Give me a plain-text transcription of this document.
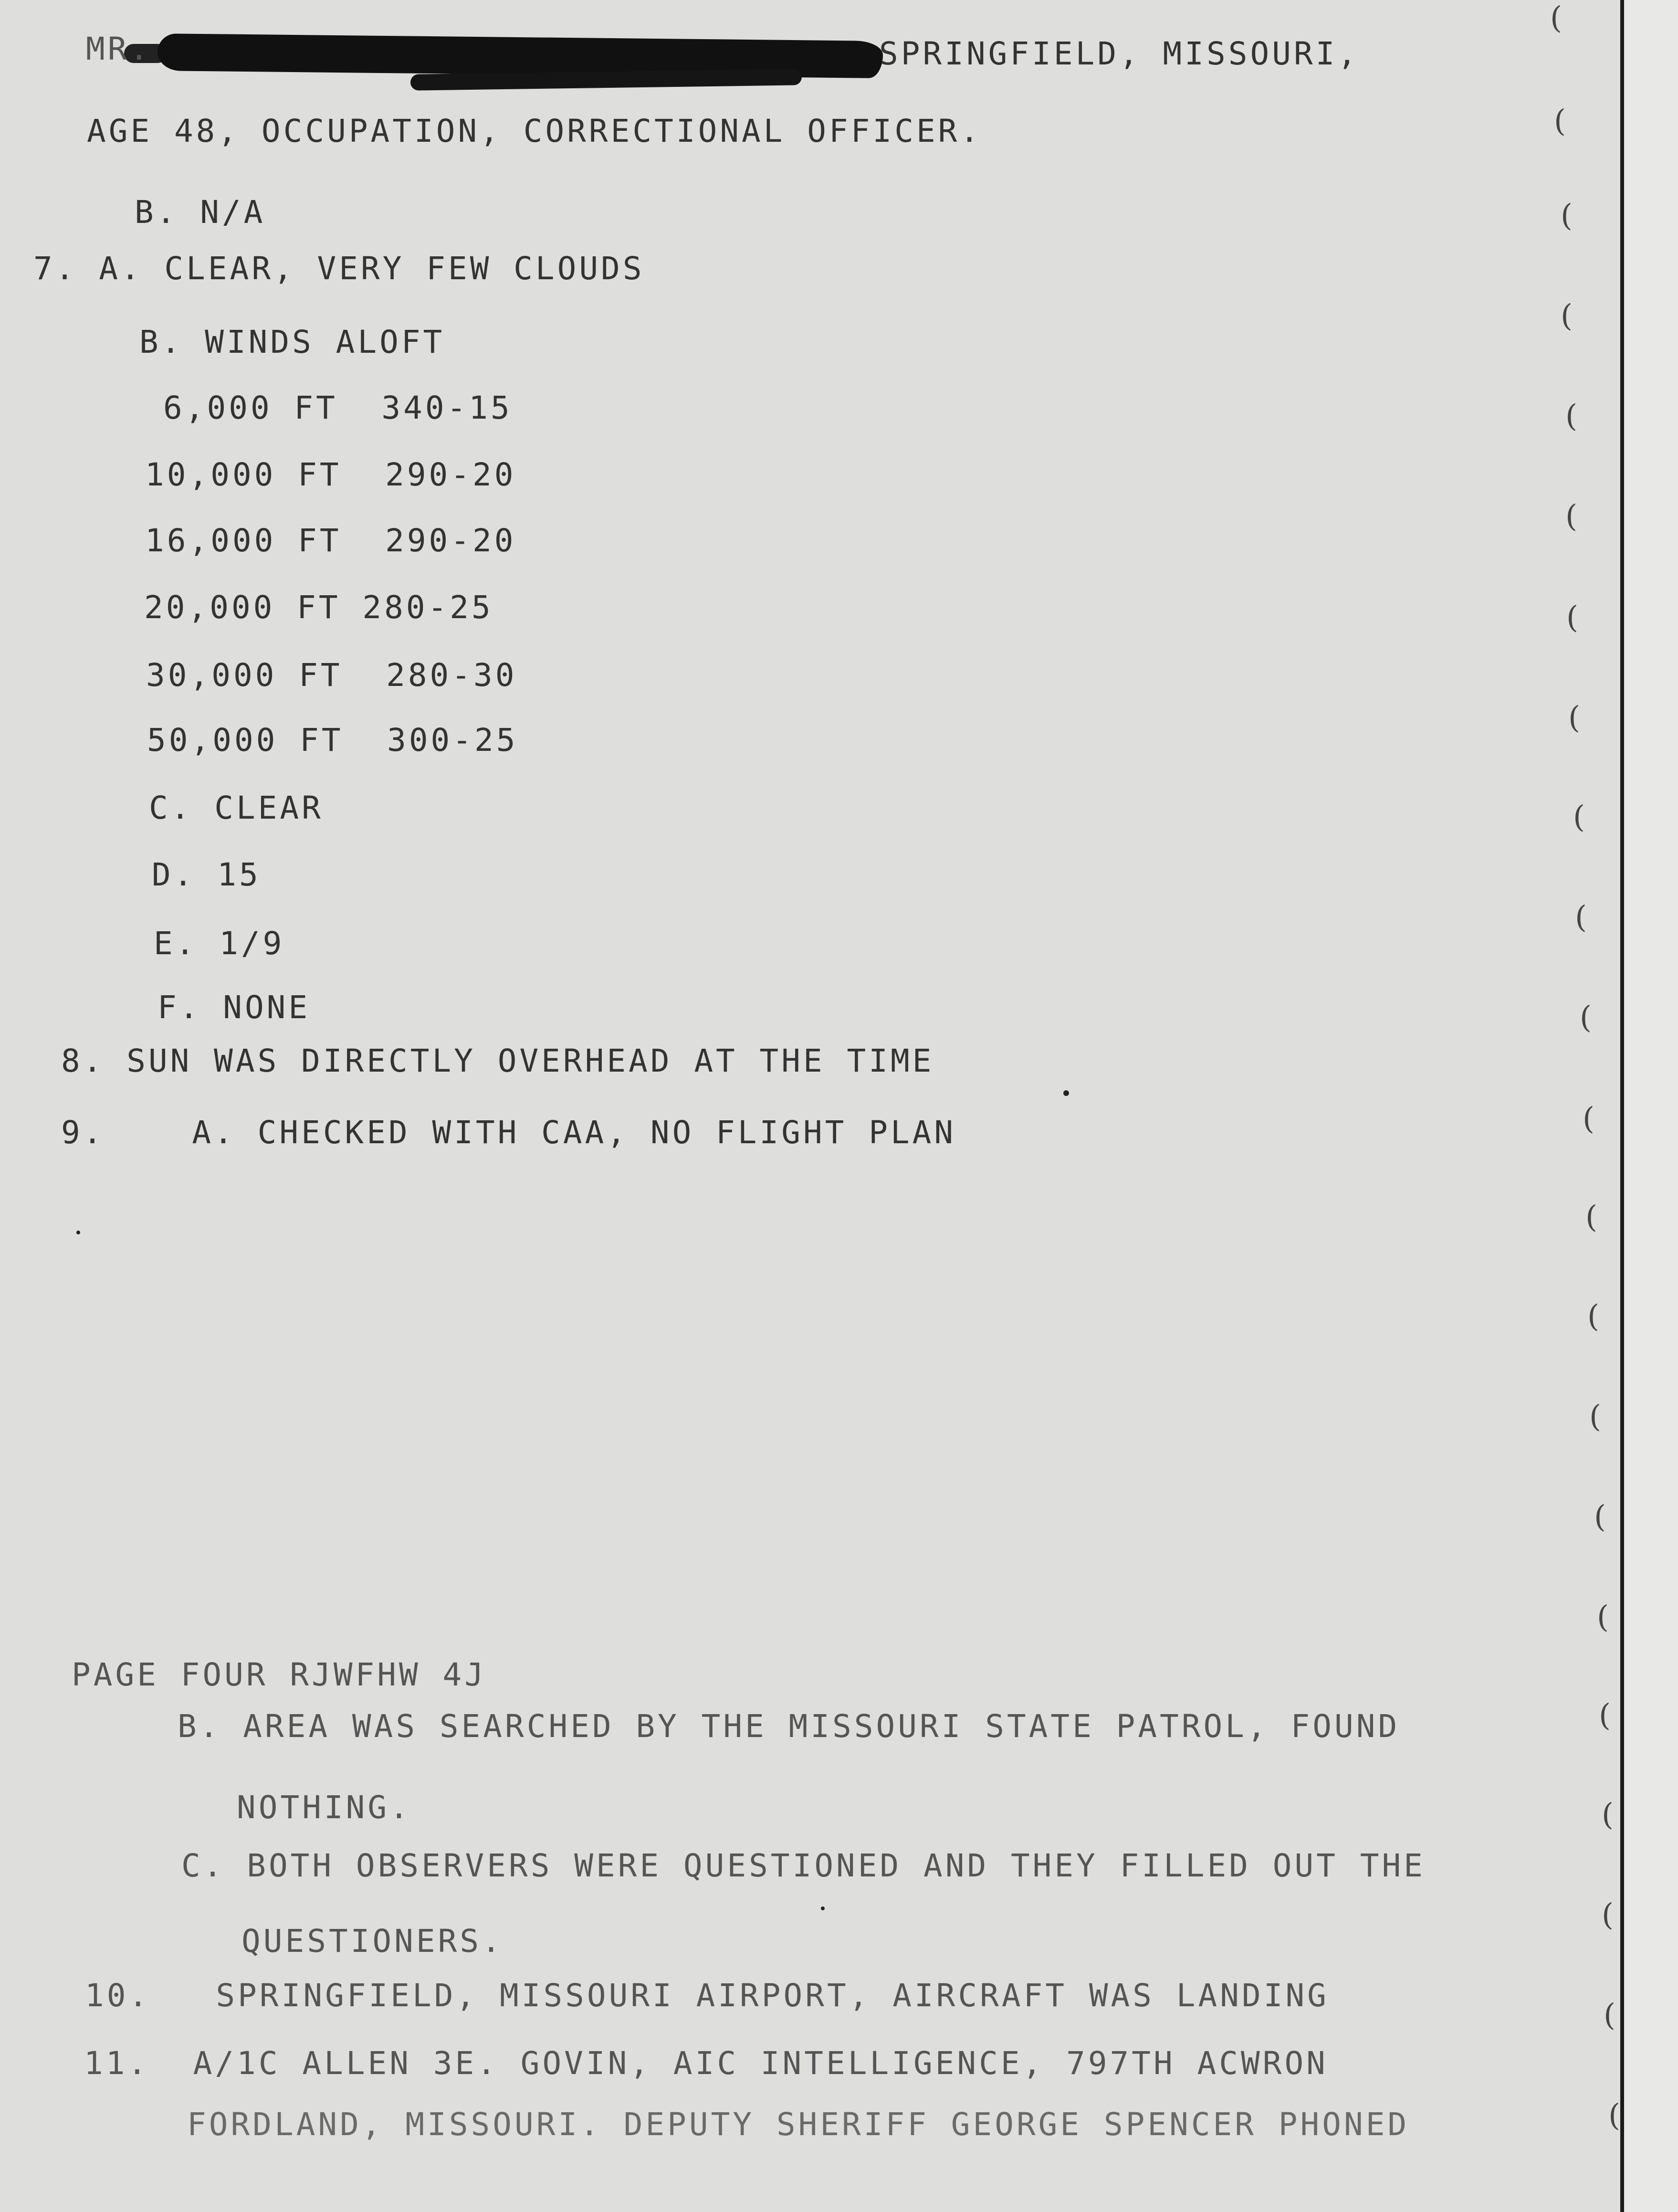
MR.	SPRINGFIELD, MISSOURI,
AGE 48, OCCUPATION, CORRECTIONAL OFFICER.
B. N/A
7. A. CLEAR, VERY FEW CLOUDS
B. WINDS ALOFT
6,000 FT  340-15
10,000 FT  290-20
16,000 FT  290-20
20,000 FT 280-25
30,000 FT  280-30
50,000 FT  300-25
C. CLEAR
D. 15
E. 1/9
F. NONE
8. SUN WAS DIRECTLY OVERHEAD AT THE TIME
9.    A. CHECKED WITH CAA, NO FLIGHT PLAN
PAGE FOUR RJWFHW 4J
B. AREA WAS SEARCHED BY THE MISSOURI STATE PATROL, FOUND
NOTHING.
C. BOTH OBSERVERS WERE QUESTIONED AND THEY FILLED OUT THE
QUESTIONERS.
10.   SPRINGFIELD, MISSOURI AIRPORT, AIRCRAFT WAS LANDING
11.  A/1C ALLEN 3E. GOVIN, AIC INTELLIGENCE, 797TH ACWRON
FORDLAND, MISSOURI. DEPUTY SHERIFF GEORGE SPENCER PHONED
(
(
(
(
(
(
(
(
(
(
(
(
(
(
(
(
(
(
(
(
(
(
